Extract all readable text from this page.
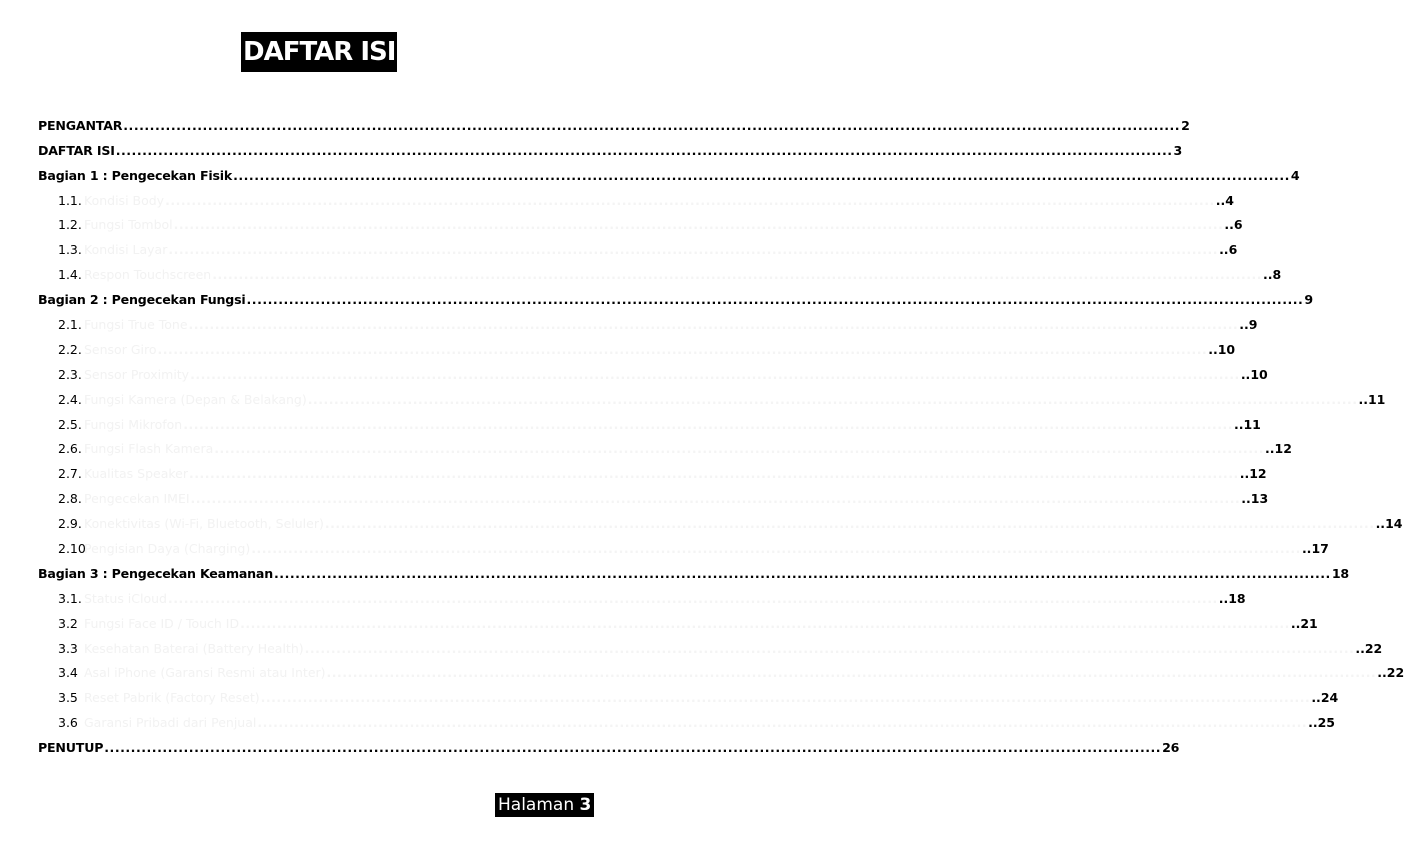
DAFTAR ISI
PENGANTAR ........................................................................................................................................................................................................ 2
DAFTAR ISI ........................................................................................................................................................................................................ 3
Bagian 1 : Pengecekan Fisik ........................................................................................................................................................................................................ 4
1.1. Kondisi Body ........................................................................................................................................................................................................ .. 4
1.2. Fungsi Tombol ........................................................................................................................................................................................................ .. 6
1.3. Kondisi Layar ........................................................................................................................................................................................................ .. 6
1.4. Respon Touchscreen ........................................................................................................................................................................................................ .. 8
Bagian 2 : Pengecekan Fungsi ........................................................................................................................................................................................................ 9
2.1. Fungsi True Tone ........................................................................................................................................................................................................ .. 9
2.2. Sensor Giro ........................................................................................................................................................................................................ .. 10
2.3. Sensor Proximity ........................................................................................................................................................................................................ .. 10
2.4. Fungsi Kamera (Depan & Belakang) ........................................................................................................................................................................................................ .. 11
2.5. Fungsi Mikrofon ........................................................................................................................................................................................................ .. 11
2.6. Fungsi Flash Kamera ........................................................................................................................................................................................................ .. 12
2.7. Kualitas Speaker ........................................................................................................................................................................................................ .. 12
2.8. Pengecekan IMEI ........................................................................................................................................................................................................ .. 13
2.9. Konektivitas (Wi-Fi, Bluetooth, Seluler) ........................................................................................................................................................................................................ .. 14
2.10
Pengisian Daya (Charging) ........................................................................................................................................................................................................ .. 17
Bagian 3 : Pengecekan Keamanan ........................................................................................................................................................................................................ 18
3.1. Status iCloud ........................................................................................................................................................................................................ .. 18
3.2 Fungsi Face ID / Touch ID ........................................................................................................................................................................................................ .. 21
3.3 Kesehatan Baterai (Battery Health) ........................................................................................................................................................................................................ .. 22
3.4 Asal iPhone (Garansi Resmi atau Inter) ........................................................................................................................................................................................................ .. 22
3.5 Reset Pabrik (Factory Reset) ........................................................................................................................................................................................................ .. 24
3.6 Garansi Pribadi dari Penjual ........................................................................................................................................................................................................ .. 25
PENUTUP ........................................................................................................................................................................................................ 26
Halaman 3
